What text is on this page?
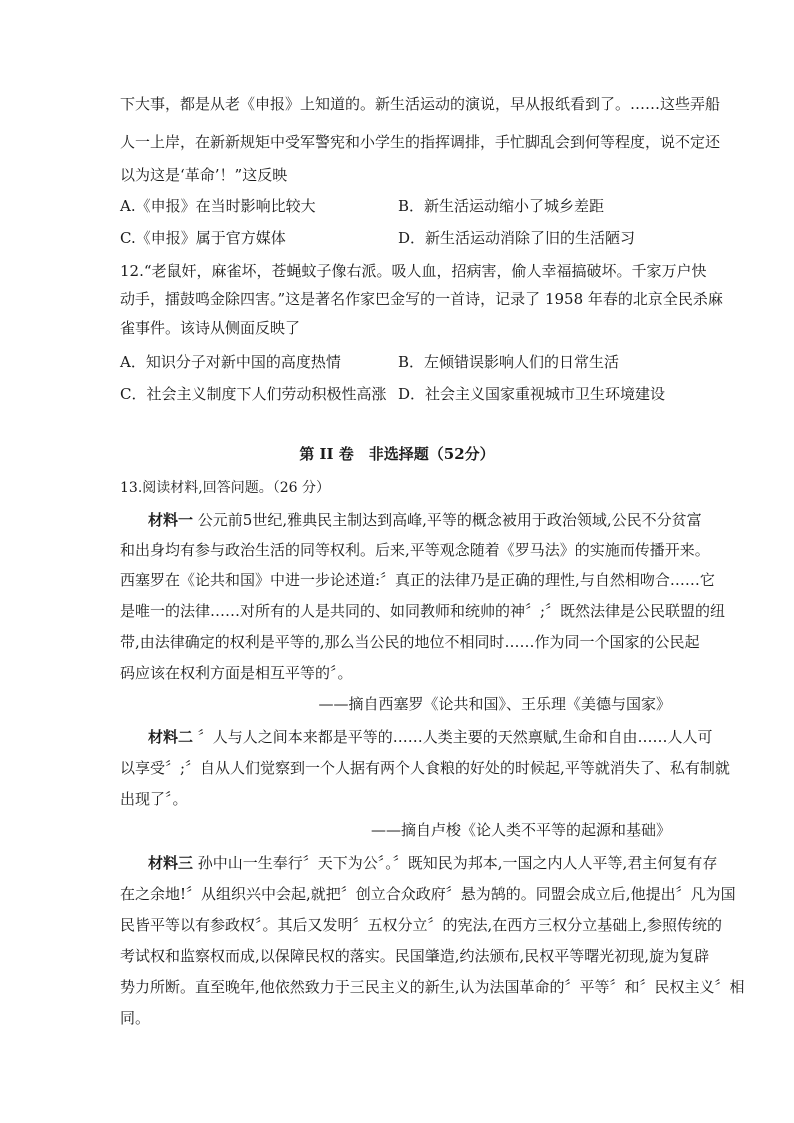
下大事，都是从老《申报》上知道的。新生活运动的演说，早从报纸看到了。……这些弄船
人一上岸，在新新规矩中受军警宪和小学生的指挥调排，手忙脚乱会到何等程度，说不定还
以为这是‘革命’！”这反映
A.《申报》在当时影响比较大	B．新生活运动缩小了城乡差距
C.《申报》属于官方媒体	D．新生活运动消除了旧的生活陋习
12.“老鼠奸，麻雀坏，苍蝇蚊子像右派。吸人血，招病害，偷人幸福搞破坏。千家万户快
动手，擂鼓鸣金除四害。”这是著名作家巴金写的一首诗，记录了 1958 年春的北京全民杀麻
雀事件。该诗从侧面反映了
A．知识分子对新中国的高度热情	B．左倾错误影响人们的日常生活
C．社会主义制度下人们劳动积极性高涨 D．社会主义国家重视城市卫生环境建设
第 II 卷　非选择题（52分）
13.阅读材料,回答问题。（26 分）
材料一 公元前5世纪,雅典民主制达到高峰,平等的概念被用于政治领域,公民不分贫富
和出身均有参与政治生活的同等权利。后来,平等观念随着《罗马法》的实施而传播开来。
西塞罗在《论共和国》中进一步论述道:〞真正的法律乃是正确的理性,与自然相吻合……它
是唯一的法律……对所有的人是共同的、如同教师和统帅的神〞;〞既然法律是公民联盟的纽
带,由法律确定的权利是平等的,那么当公民的地位不相同时……作为同一个国家的公民起
码应该在权利方面是相互平等的〞。
——摘自西塞罗《论共和国》、王乐理《美德与国家》
材料二 〞人与人之间本来都是平等的……人类主要的天然禀赋,生命和自由……人人可
以享受〞;〞自从人们觉察到一个人据有两个人食粮的好处的时候起,平等就消失了、私有制就
出现了〞。
——摘自卢梭《论人类不平等的起源和基础》
材料三 孙中山一生奉行〞天下为公〞。〞既知民为邦本,一国之内人人平等,君主何复有存
在之余地!〞从组织兴中会起,就把〞创立合众政府〞悬为鹄的。同盟会成立后,他提出〞凡为国
民皆平等以有参政权〞。其后又发明〞五权分立〞的宪法,在西方三权分立基础上,参照传统的
考试权和监察权而成,以保障民权的落实。民国肇造,约法颁布,民权平等曙光初现,旋为复辟
势力所断。直至晚年,他依然致力于三民主义的新生,认为法国革命的〞平等〞和〞民权主义〞相
同。
